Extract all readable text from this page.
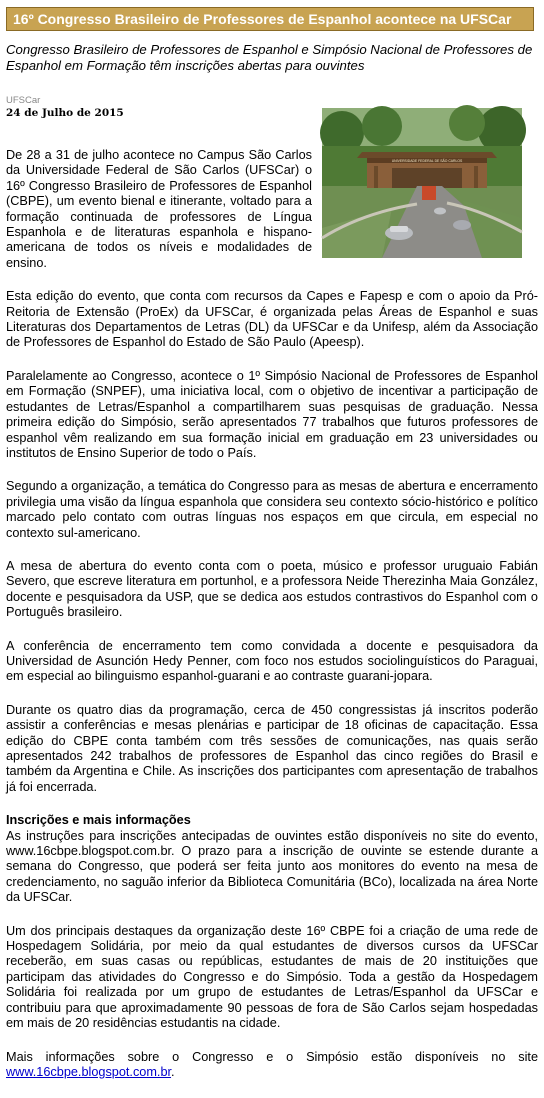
16º Congresso Brasileiro de Professores de Espanhol acontece na UFSCar
Congresso Brasileiro de Professores de Espanhol e Simpósio Nacional de Professores de Espanhol em Formação têm inscrições abertas para ouvintes
UFSCar
24 de Julho de 2015
UNIVERSIDADE FEDERAL DE SÃO CARLOS

De 28 a 31 de julho acontece no Campus São Carlos da Universidade Federal de São Carlos (UFSCar) o 16º Congresso Brasileiro de Professores de Espanhol (CBPE), um evento bienal e itinerante, voltado para a formação continuada de professores de Língua Espanhola e de literaturas espanhola e hispano-americana de todos os níveis e modalidades de ensino.

Esta edição do evento, que conta com recursos da Capes e Fapesp e com o apoio da Pró-Reitoria de Extensão (ProEx) da UFSCar, é organizada pelas Áreas de Espanhol e suas Literaturas dos Departamentos de Letras (DL) da UFSCar e da Unifesp, além da Associação de Professores de Espanhol do Estado de São Paulo (Apeesp).

Paralelamente ao Congresso, acontece o 1º Simpósio Nacional de Professores de Espanhol em Formação (SNPEF), uma iniciativa local, com o objetivo de incentivar a participação de estudantes de Letras/Espanhol a compartilharem suas pesquisas de graduação. Nessa primeira edição do Simpósio, serão apresentados 77 trabalhos que futuros professores de espanhol vêm realizando em sua formação inicial em graduação em 23 universidades ou institutos de Ensino Superior de todo o País.

Segundo a organização, a temática do Congresso para as mesas de abertura e encerramento privilegia uma visão da língua espanhola que considera seu contexto sócio-histórico e político marcado pelo contato com outras línguas nos espaços em que circula, em especial no contexto sul-americano.

A mesa de abertura do evento conta com o poeta, músico e professor uruguaio Fabián Severo, que escreve literatura em portunhol, e a professora Neide Therezinha Maia González, docente e pesquisadora da USP, que se dedica aos estudos contrastivos do Espanhol com o Português brasileiro.

A conferência de encerramento tem como convidada a docente e pesquisadora da Universidad de Asunción Hedy Penner, com foco nos estudos sociolinguísticos do Paraguai, em especial ao bilinguismo espanhol-guarani e ao contraste guarani-jopara.

Durante os quatro dias da programação, cerca de 450 congressistas já inscritos poderão assistir a conferências e mesas plenárias e participar de 18 oficinas de capacitação. Essa edição do CBPE conta também com três sessões de comunicações, nas quais serão apresentados 242 trabalhos de professores de Espanhol das cinco regiões do Brasil e também da Argentina e Chile. As inscrições dos participantes com apresentação de trabalhos já foi encerrada.

Inscrições e mais informações

As instruções para inscrições antecipadas de ouvintes estão disponíveis no site do evento, www.16cbpe.blogspot.com.br. O prazo para a inscrição de ouvinte se estende durante a semana do Congresso, que poderá ser feita junto aos monitores do evento na mesa de credenciamento, no saguão inferior da Biblioteca Comunitária (BCo), localizada na área Norte da UFSCar.

Um dos principais destaques da organização deste 16º CBPE foi a criação de uma rede de Hospedagem Solidária, por meio da qual estudantes de diversos cursos da UFSCar receberão, em suas casas ou repúblicas, estudantes de mais de 20 instituições que participam das atividades do Congresso e do Simpósio. Toda a gestão da Hospedagem Solidária foi realizada por um grupo de estudantes de Letras/Espanhol da UFSCar e contribuiu para que aproximadamente 90 pessoas de fora de São Carlos sejam hospedadas em mais de 20 residências estudantis na cidade.

Mais informações sobre o Congresso e o Simpósio estão disponíveis no site www.16cbpe.blogspot.com.br.
